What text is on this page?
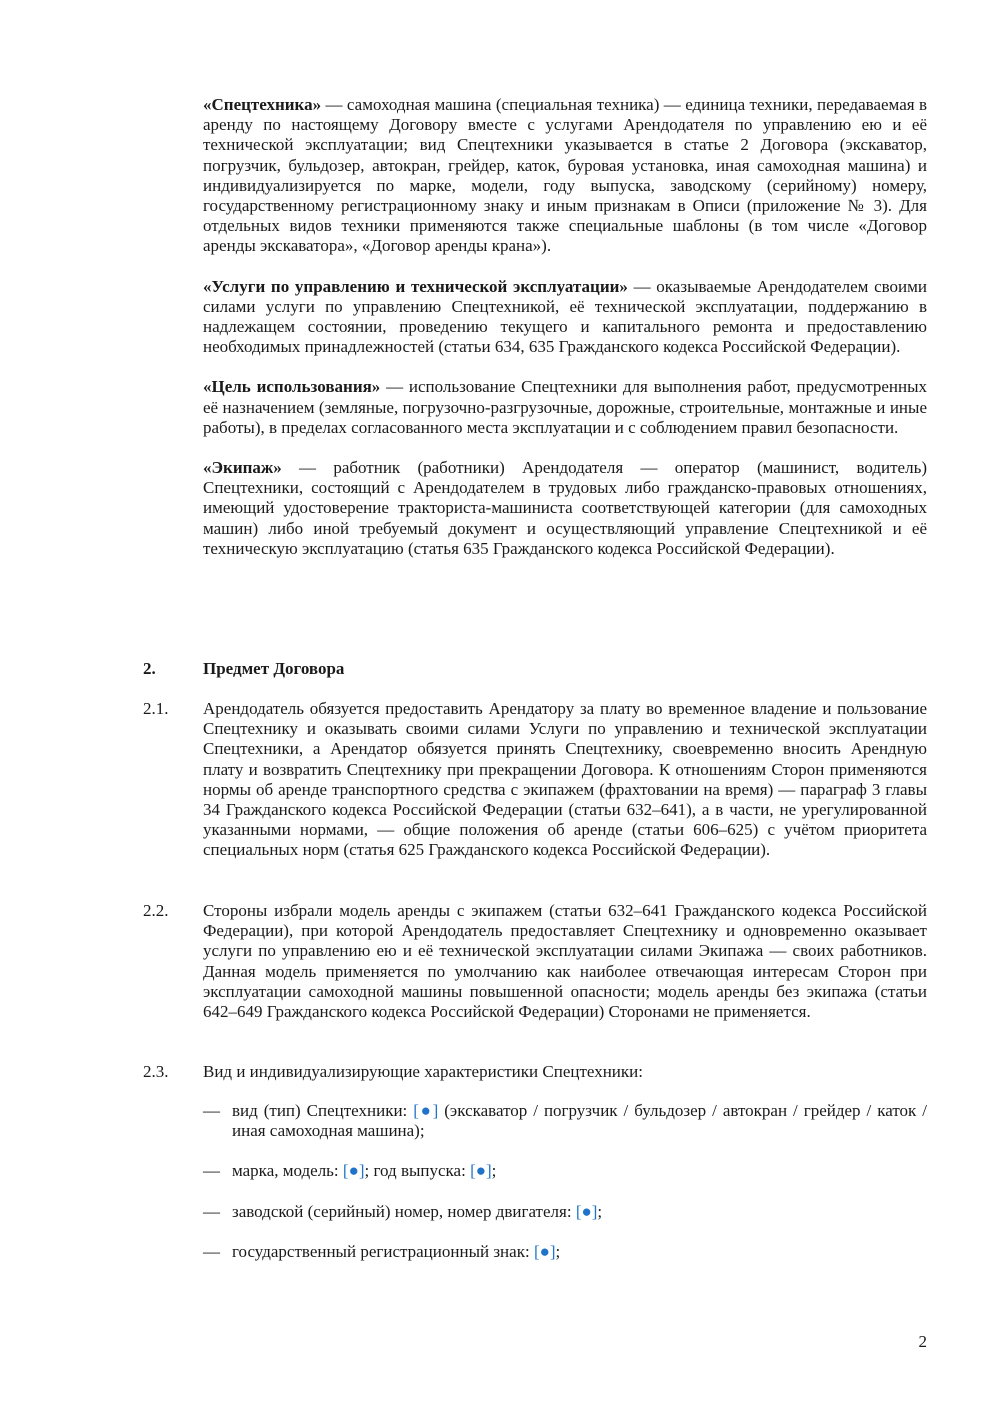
«Спецтехника» — самоходная машина (специальная техника) — единица техники, передаваемая в аренду по настоящему Договору вместе с услугами Арендодателя по управлению ею и её технической эксплуатации; вид Спецтехники указывается в статье 2 Договора (экскаватор, погрузчик, бульдозер, автокран, грейдер, каток, буровая установка, иная самоходная машина) и индивидуализируется по марке, модели, году выпуска, заводскому (серийному) номеру, государственному регистрационному знаку и иным признакам в Описи (приложение № 3). Для отдельных видов техники применяются также специальные шаблоны (в том числе «Договор аренды экскаватора», «Договор аренды крана»).

«Услуги по управлению и технической эксплуатации» — оказываемые Арендодателем своими силами услуги по управлению Спецтехникой, её технической эксплуатации, поддержанию в надлежащем состоянии, проведению текущего и капитального ремонта и предоставлению необходимых принадлежностей (статьи 634, 635 Гражданского кодекса Российской Федерации).

«Цель использования» — использование Спецтехники для выполнения работ, предусмотренных её назначением (земляные, погрузочно-разгрузочные, дорожные, строительные, монтажные и иные работы), в пределах согласованного места эксплуатации и с соблюдением правил безопасности.

«Экипаж» — работник (работники) Арендодателя — оператор (машинист, водитель) Спецтехники, состоящий с Арендодателем в трудовых либо гражданско-правовых отношениях, имеющий удостоверение тракториста-машиниста соответствующей категории (для самоходных машин) либо иной требуемый документ и осуществляющий управление Спецтехникой и её техническую эксплуатацию (статья 635 Гражданского кодекса Российской Федерации).

2.	Предмет Договора
2.1. Арендодатель обязуется предоставить Арендатору за плату во временное владение и пользование Спецтехнику и оказывать своими силами Услуги по управлению и технической эксплуатации Спецтехники, а Арендатор обязуется принять Спецтехнику, своевременно вносить Арендную плату и возвратить Спецтехнику при прекращении Договора. К отношениям Сторон применяются нормы об аренде транспортного средства с экипажем (фрахтовании на время) — параграф 3 главы 34 Гражданского кодекса Российской Федерации (статьи 632–641), а в части, не урегулированной указанными нормами, — общие положения об аренде (статьи 606–625) с учётом приоритета специальных норм (статья 625 Гражданского кодекса Российской Федерации).
2.2. Стороны избрали модель аренды с экипажем (статьи 632–641 Гражданского кодекса Российской Федерации), при которой Арендодатель предоставляет Спецтехнику и одновременно оказывает услуги по управлению ею и её технической эксплуатации силами Экипажа — своих работников. Данная модель применяется по умолчанию как наиболее отвечающая интересам Сторон при эксплуатации самоходной машины повышенной опасности; модель аренды без экипажа (статьи 642–649 Гражданского кодекса Российской Федерации) Сторонами не применяется.
2.3. Вид и индивидуализирующие характеристики Спецтехники:
— вид (тип) Спецтехники: [●] (экскаватор / погрузчик / бульдозер / автокран / грейдер / каток / иная самоходная машина);
— марка, модель: [●]; год выпуска: [●];
— заводской (серийный) номер, номер двигателя: [●];
— государственный регистрационный знак: [●];
2
